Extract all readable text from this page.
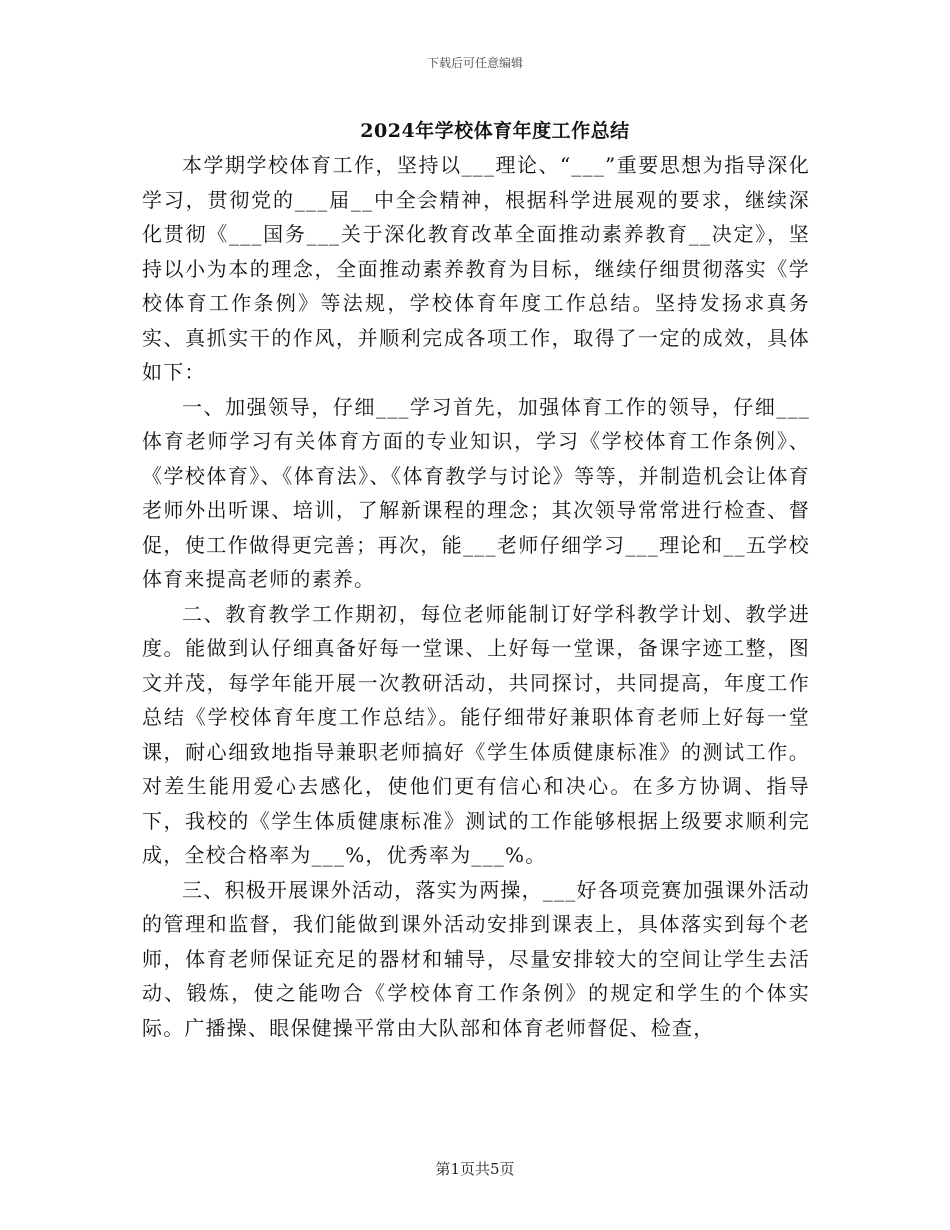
下载后可任意编辑
2024年学校体育年度工作总结

本学期学校体育工作，坚持以___理论、“___”重要思想为指导深化学习，贯彻党的___届__中全会精神，根据科学进展观的要求，继续深化贯彻《___国务___关于深化教育改革全面推动素养教育__决定》，坚持以小为本的理念，全面推动素养教育为目标，继续仔细贯彻落实《学校体育工作条例》等法规，学校体育年度工作总结。坚持发扬求真务实、真抓实干的作风，并顺利完成各项工作，取得了一定的成效，具体如下：

一、加强领导，仔细___学习首先，加强体育工作的领导，仔细___体育老师学习有关体育方面的专业知识，学习《学校体育工作条例》、《学校体育》、《体育法》、《体育教学与讨论》等等，并制造机会让体育老师外出听课、培训，了解新课程的理念；其次领导常常进行检查、督促，使工作做得更完善；再次，能___老师仔细学习___理论和__五学校体育来提高老师的素养。

二、教育教学工作期初，每位老师能制订好学科教学计划、教学进度。能做到认仔细真备好每一堂课、上好每一堂课，备课字迹工整，图文并茂，每学年能开展一次教研活动，共同探讨，共同提高，年度工作总结《学校体育年度工作总结》。能仔细带好兼职体育老师上好每一堂课，耐心细致地指导兼职老师搞好《学生体质健康标准》的测试工作。对差生能用爱心去感化，使他们更有信心和决心。在多方协调、指导下，我校的《学生体质健康标准》测试的工作能够根据上级要求顺利完成，全校合格率为___%，优秀率为___%。

三、积极开展课外活动，落实为两操，___好各项竞赛加强课外活动的管理和监督，我们能做到课外活动安排到课表上，具体落实到每个老师，体育老师保证充足的器材和辅导，尽量安排较大的空间让学生去活动、锻炼，使之能吻合《学校体育工作条例》的规定和学生的个体实际。广播操、眼保健操平常由大队部和体育老师督促、检查，

第1页共5页
